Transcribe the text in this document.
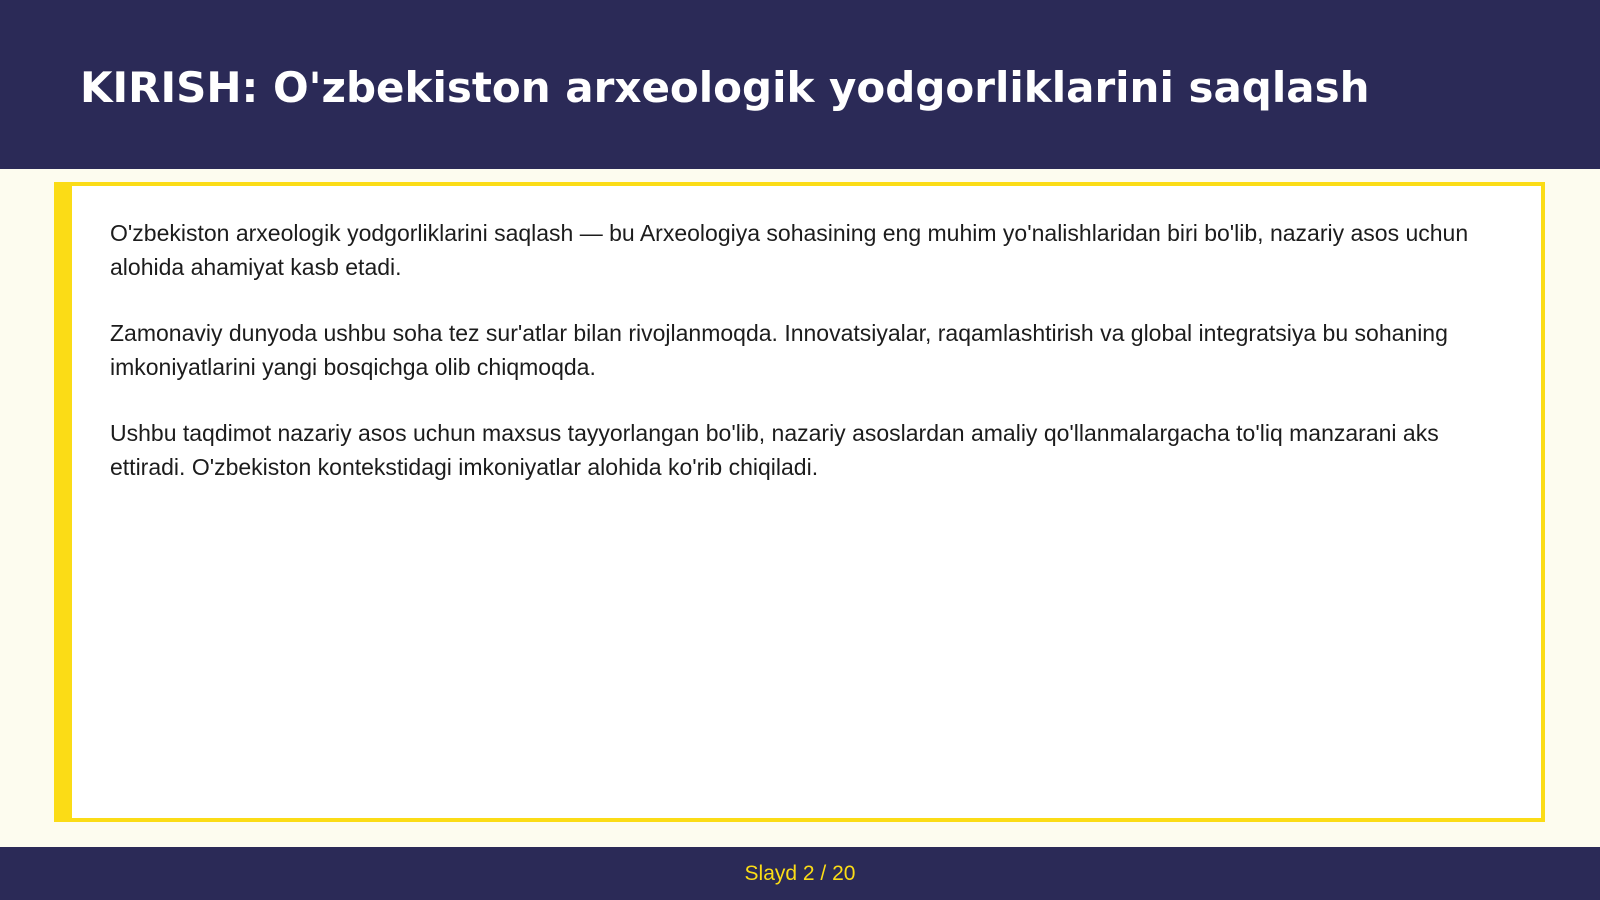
KIRISH: O'zbekiston arxeologik yodgorliklarini saqlash

O'zbekiston arxeologik yodgorliklarini saqlash — bu Arxeologiya sohasining eng muhim yo'nalishlaridan biri bo'lib, nazariy asos uchun alohida ahamiyat kasb etadi.

Zamonaviy dunyoda ushbu soha tez sur'atlar bilan rivojlanmoqda. Innovatsiyalar, raqamlashtirish va global integratsiya bu sohaning imkoniyatlarini yangi bosqichga olib chiqmoqda.

Ushbu taqdimot nazariy asos uchun maxsus tayyorlangan bo'lib, nazariy asoslardan amaliy qo'llanmalargacha to'liq manzarani aks ettiradi. O'zbekiston kontekstidagi imkoniyatlar alohida ko'rib chiqiladi.

Slayd 2 / 20
